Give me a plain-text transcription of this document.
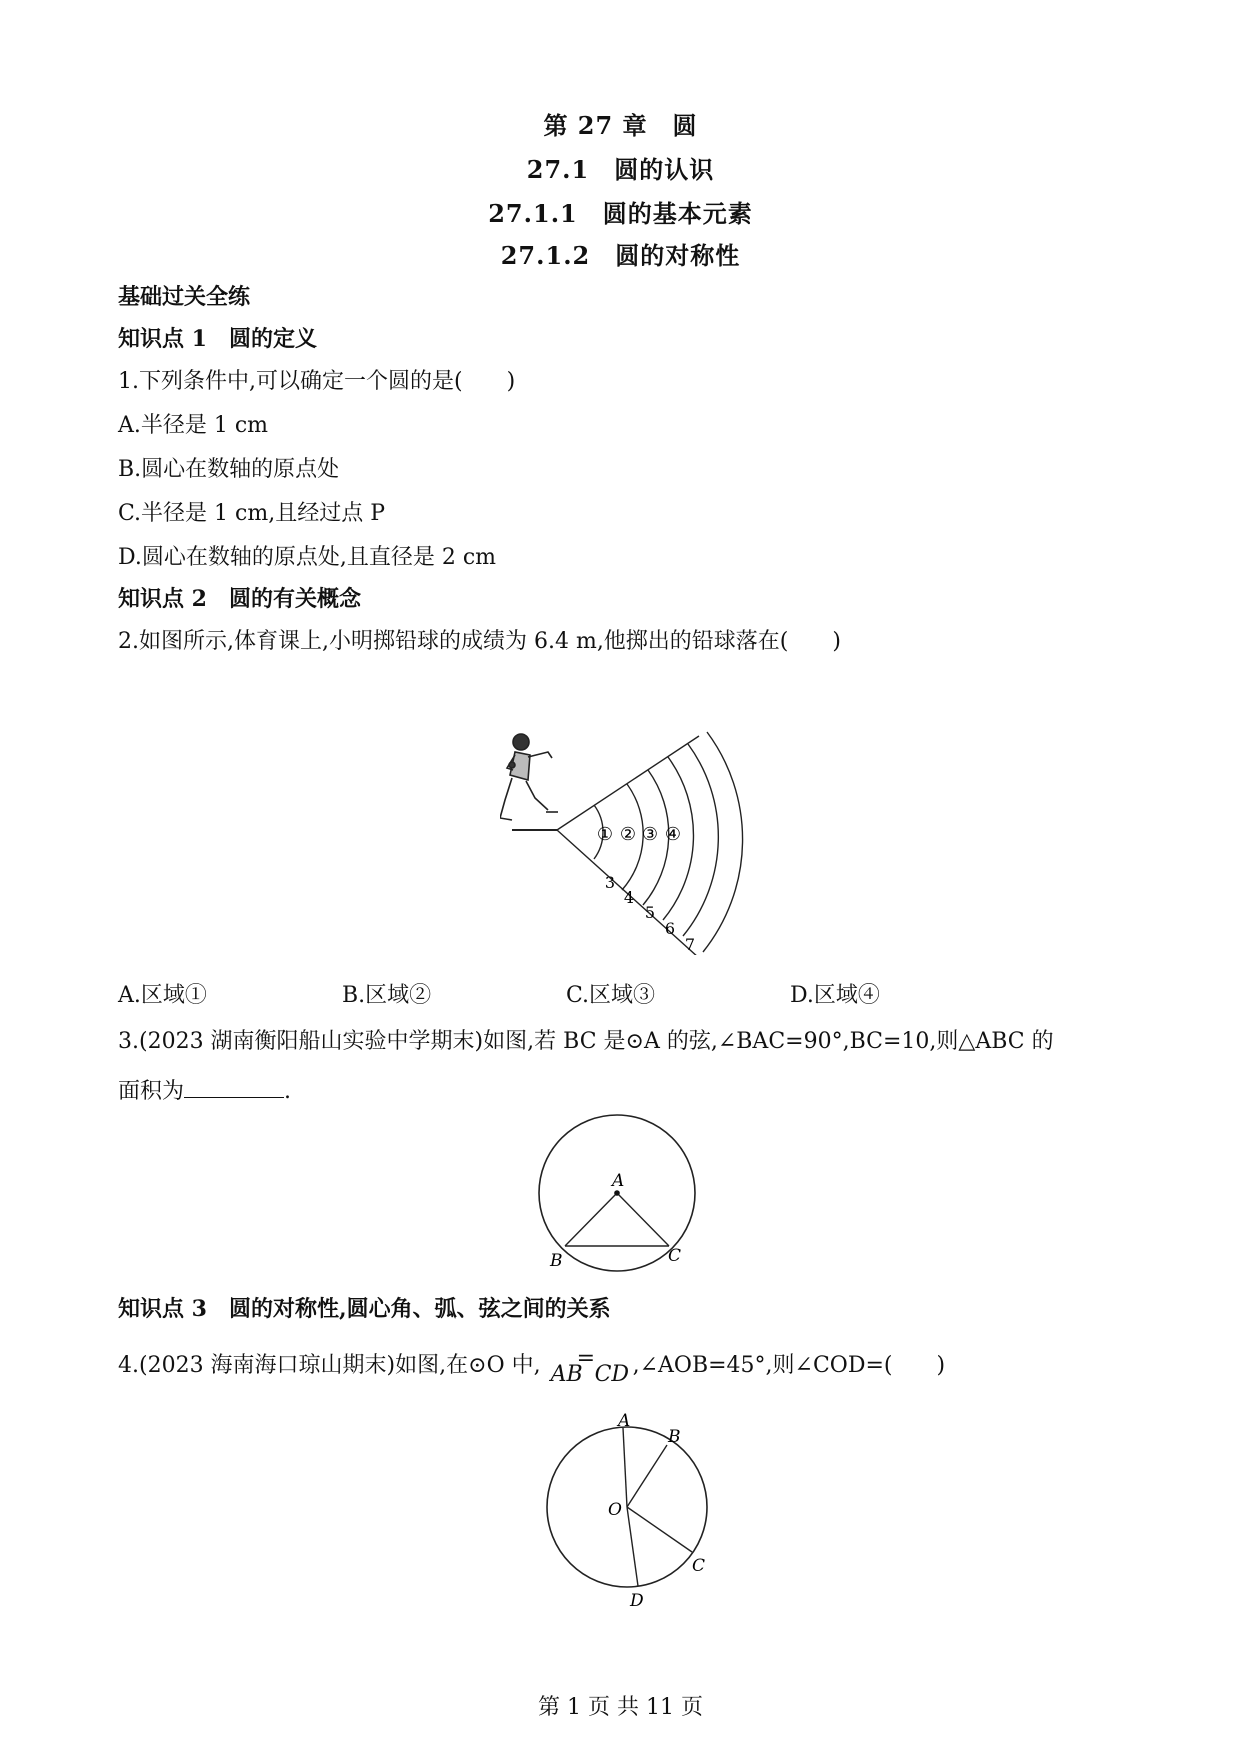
第 27 章　圆
27.1　圆的认识
27.1.1　圆的基本元素
27.1.2　圆的对称性
基础过关全练
知识点 1　圆的定义
1.下列条件中,可以确定一个圆的是(　　)
A.半径是 1 cm
B.圆心在数轴的原点处
C.半径是 1 cm,且经过点 P
D.圆心在数轴的原点处,且直径是 2 cm
知识点 2　圆的有关概念
2.如图所示,体育课上,小明掷铅球的成绩为 6.4 m,他掷出的铅球落在(　　)
① ② ③ ④
3
4
5
6
7
A.区域①	B.区域②	C.区域③	D.区域④
3.(2023 湖南衡阳船山实验中学期末)如图,若 BC 是⊙A 的弦,∠BAC=90°,BC=10,则△ABC 的
面积为	.
A
B	C
知识点 3　圆的对称性,圆心角、弧、弦之间的关系
4.(2023 海南海口琼山期末)如图,在⊙O 中, AB
=
CD ,∠AOB=45°,则∠COD=(　　)
A
B
O
C
D
第 1 页 共 11 页
